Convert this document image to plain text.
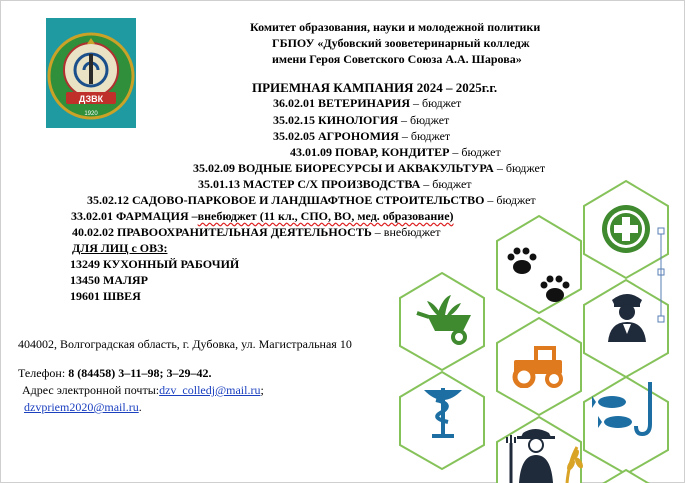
ДЗВК
1920
Комитет образования, науки и молодежной политики
ГБПОУ «Дубовский зооветеринарный колледж
имени Героя Советского Союза А.А. Шарова»
ПРИЕМНАЯ КАМПАНИЯ 2024 – 2025г.г.
36.02.01 ВЕТЕРИНАРИЯ – бюджет
35.02.15 КИНОЛОГИЯ – бюджет
35.02.05 АГРОНОМИЯ – бюджет
43.01.09 ПОВАР, КОНДИТЕР – бюджет
35.02.09 ВОДНЫЕ БИОРЕСУРСЫ И АКВАКУЛЬТУРА – бюджет
35.01.13 МАСТЕР С/Х ПРОИЗВОДСТВА – бюджет
35.02.12 САДОВО-ПАРКОВОЕ И ЛАНДШАФТНОЕ СТРОИТЕЛЬСТВО – бюджет
33.02.01 ФАРМАЦИЯ –внебюджет (11 кл., СПО, ВО, мед. образование)
40.02.02 ПРАВООХРАНИТЕЛЬНАЯ ДЕЯТЕЛЬНОСТЬ – внебюджет
ДЛЯ ЛИЦ с ОВЗ:
13249 КУХОННЫЙ РАБОЧИЙ
13450 МАЛЯР
19601 ШВЕЯ
404002, Волгоградская область, г. Дубовка, ул. Магистральная 10
Телефон: 8 (84458) 3–11–98; 3–29–42.
Адрес электронной почты:dzv_colledj@mail.ru;
dzvpriem2020@mail.ru.
